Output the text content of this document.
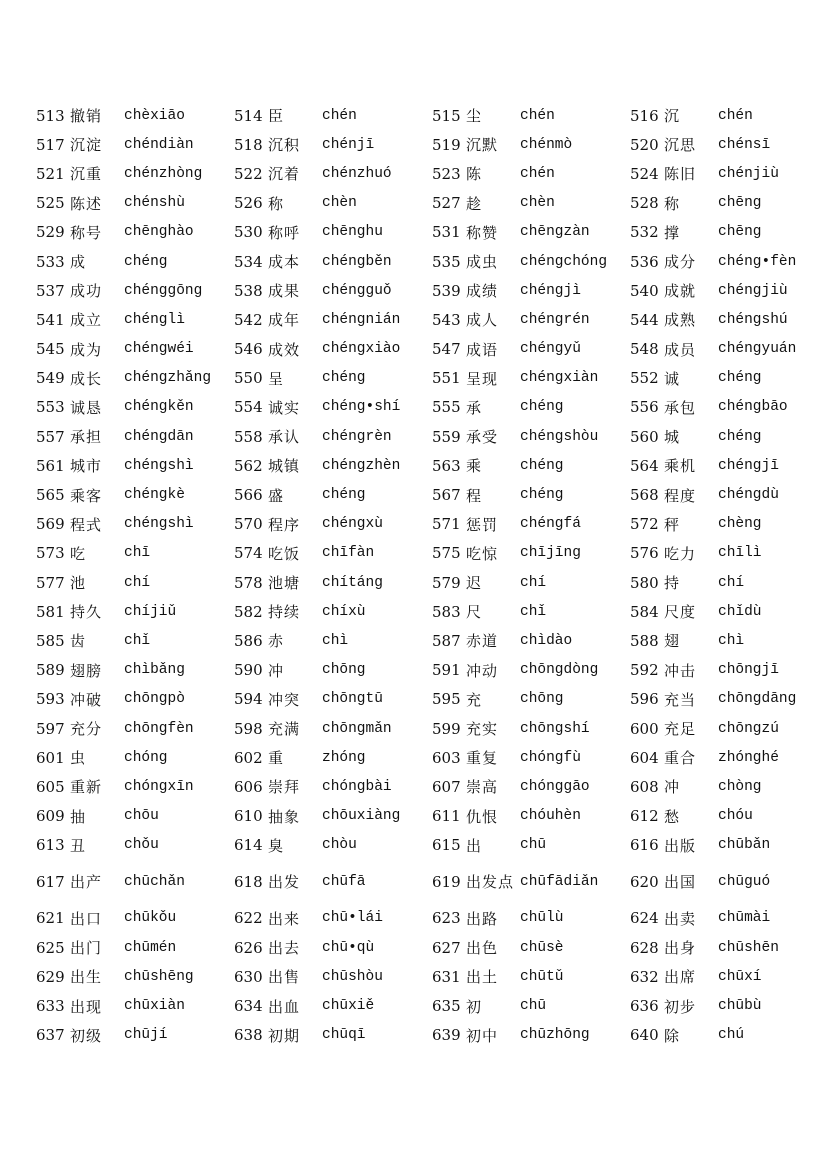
513	撤销	chèxiāo	514	臣	chén	515	尘	chén	516	沉	chén
517	沉淀	chéndiàn	518	沉积	chénjī	519	沉默	chénmò	520	沉思	chénsī
521	沉重	chénzhòng	522	沉着	chénzhuó	523	陈	chén	524	陈旧	chénjiù
525	陈述	chénshù	526	称	chèn	527	趁	chèn	528	称	chēng
529	称号	chēnghào	530	称呼	chēnghu	531	称赞	chēngzàn	532	撑	chēng
533	成	chéng	534	成本	chéngběn	535	成虫	chéngchóng	536	成分	chéng•fèn
537	成功	chénggōng	538	成果	chéngguǒ	539	成绩	chéngjì	540	成就	chéngjiù
541	成立	chénglì	542	成年	chéngnián	543	成人	chéngrén	544	成熟	chéngshú
545	成为	chéngwéi	546	成效	chéngxiào	547	成语	chéngyǔ	548	成员	chéngyuán
549	成长	chéngzhǎng	550	呈	chéng	551	呈现	chéngxiàn	552	诚	chéng
553	诚恳	chéngkěn	554	诚实	chéng•shí	555	承	chéng	556	承包	chéngbāo
557	承担	chéngdān	558	承认	chéngrèn	559	承受	chéngshòu	560	城	chéng
561	城市	chéngshì	562	城镇	chéngzhèn	563	乘	chéng	564	乘机	chéngjī
565	乘客	chéngkè	566	盛	chéng	567	程	chéng	568	程度	chéngdù
569	程式	chéngshì	570	程序	chéngxù	571	惩罚	chéngfá	572	秤	chèng
573	吃	chī	574	吃饭	chīfàn	575	吃惊	chījīng	576	吃力	chīlì
577	池	chí	578	池塘	chítáng	579	迟	chí	580	持	chí
581	持久	chíjiǔ	582	持续	chíxù	583	尺	chǐ	584	尺度	chǐdù
585	齿	chǐ	586	赤	chì	587	赤道	chìdào	588	翅	chì
589	翅膀	chìbǎng	590	冲	chōng	591	冲动	chōngdòng	592	冲击	chōngjī
593	冲破	chōngpò	594	冲突	chōngtū	595	充	chōng	596	充当	chōngdāng
597	充分	chōngfèn	598	充满	chōngmǎn	599	充实	chōngshí	600	充足	chōngzú
601	虫	chóng	602	重	zhóng	603	重复	chóngfù	604	重合	zhónghé
605	重新	chóngxīn	606	崇拜	chóngbài	607	崇高	chónggāo	608	冲	chòng
609	抽	chōu	610	抽象	chōuxiàng	611	仇恨	chóuhèn	612	愁	chóu
613	丑	chǒu	614	臭	chòu	615	出	chū	616	出版	chūbǎn
617	出产	chūchǎn	618	出发	chūfā	619	出发点	chūfādiǎn	620	出国	chūguó
621	出口	chūkǒu	622	出来	chū•lái	623	出路	chūlù	624	出卖	chūmài
625	出门	chūmén	626	出去	chū•qù	627	出色	chūsè	628	出身	chūshēn
629	出生	chūshēng	630	出售	chūshòu	631	出土	chūtǔ	632	出席	chūxí
633	出现	chūxiàn	634	出血	chūxiě	635	初	chū	636	初步	chūbù
637	初级	chūjí	638	初期	chūqī	639	初中	chūzhōng	640	除	chú
